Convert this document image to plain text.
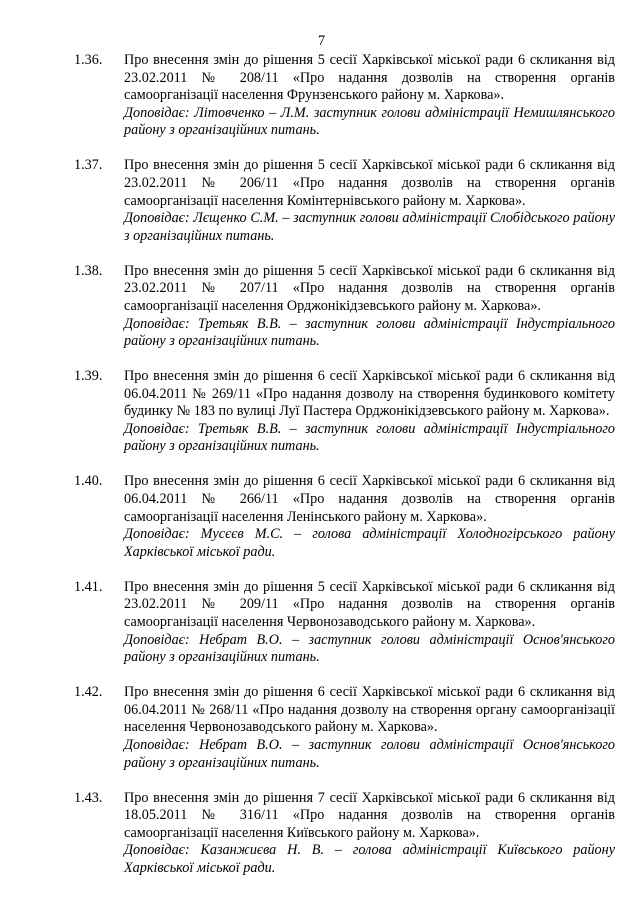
7
1.36. Про внесення змін до рішення 5 сесії Харківської міської ради 6 скликання від 23.02.2011 № 208/11 «Про надання дозволів на створення органів самоорганізації населення Фрунзенського району м. Харкова».
Доповідає: Літовченко – Л.М. заступник голови адміністрації Немишлянського району з організаційних питань.
1.37. Про внесення змін до рішення 5 сесії Харківської міської ради 6 скликання від 23.02.2011 № 206/11 «Про надання дозволів на створення органів самоорганізації населення Комінтернівського району м. Харкова».
Доповідає: Лєщенко С.М. – заступник голови адміністрації Слобідського району з організаційних питань.
1.38. Про внесення змін до рішення 5 сесії Харківської міської ради 6 скликання від 23.02.2011 № 207/11 «Про надання дозволів на створення органів самоорганізації населення Орджонікідзевського району м. Харкова».
Доповідає: Третьяк В.В. – заступник голови адміністрації Індустріального району з організаційних питань.
1.39. Про внесення змін до рішення 6 сесії Харківської міської ради 6 скликання від 06.04.2011 № 269/11 «Про надання дозволу на створення будинкового комітету будинку № 183 по вулиці Луї Пастера Орджонікідзевського району м. Харкова».
Доповідає: Третьяк В.В. – заступник голови адміністрації Індустріального району з організаційних питань.
1.40. Про внесення змін до рішення 6 сесії Харківської міської ради 6 скликання від 06.04.2011 № 266/11 «Про надання дозволів на створення органів самоорганізації населення Ленінського району м. Харкова».
Доповідає: Мусєєв М.С. – голова адміністрації Холодногірського району Харківської міської ради.
1.41. Про внесення змін до рішення 5 сесії Харківської міської ради 6 скликання від 23.02.2011 № 209/11 «Про надання дозволів на створення органів самоорганізації населення Червонозаводського району м. Харкова».
Доповідає: Небрат В.О. – заступник голови адміністрації Основ'янського району з організаційних питань.
1.42. Про внесення змін до рішення 6 сесії Харківської міської ради 6 скликання від 06.04.2011 № 268/11 «Про надання дозволу на створення органу самоорганізації населення Червонозаводського району м. Харкова».
Доповідає: Небрат В.О. – заступник голови адміністрації Основ'янського району з організаційних питань.
1.43. Про внесення змін до рішення 7 сесії Харківської міської ради 6 скликання від 18.05.2011 № 316/11 «Про надання дозволів на створення органів самоорганізації населення Київського району м. Харкова».
Доповідає: Казанжиєва Н. В. – голова адміністрації Київського району Харківської міської ради.
